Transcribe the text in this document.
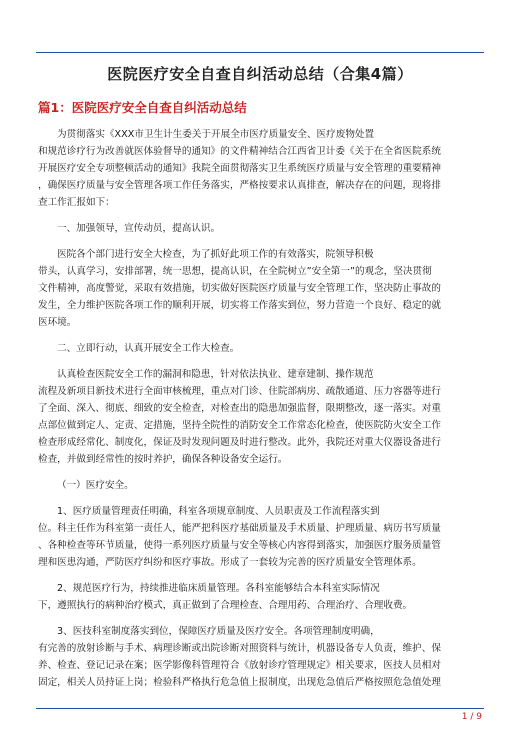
医院医疗安全自查自纠活动总结（合集4篇）
篇1：医院医疗安全自查自纠活动总结
为贯彻落实《XXX市卫生计生委关于开展全市医疗质量安全、医疗废物处置
和规范诊疗行为改善就医体验督导的通知》的文件精神结合江西省卫计委《关于在全省医院系统
开展医疗安全专项整顿活动的通知》我院全面贯彻落实卫生系统医疗质量与安全管理的重要精神
，确保医疗质量与安全管理各项工作任务落实，严格按要求认真排查，解决存在的问题，现将排
查工作汇报如下：
一、加强领导，宣传动员，提高认识。
医院各个部门进行安全大检查，为了抓好此项工作的有效落实，院领导积极
带头，认真学习，安排部署，统一思想，提高认识，在全院树立”安全第一”的观念，坚决贯彻
文件精神，高度警觉，采取有效措施，切实做好医院医疗质量与安全管理工作，坚决防止事故的
发生，全力维护医院各项工作的顺利开展，切实将工作落实到位，努力营造一个良好、稳定的就
医环境。
二、立即行动，认真开展安全工作大检查。
认真检查医院安全工作的漏洞和隐患，针对依法执业、建章建制、操作规范
流程及新项目新技术进行全面审核梳理，重点对门诊、住院部病房、疏散通道、压力容器等进行
了全面、深入、彻底、细致的安全检查，对检查出的隐患加强监督，限期整改，逐一落实。对重
点部位做到定人、定责、定措施，坚持全院性的消防安全工作常态化检查，使医院防火安全工作
检查形成经常化、制度化，保证及时发现问题及时进行整改。此外，我院还对重大仪器设备进行
检查，并做到经常性的按时养护，确保各种设备安全运行。
（一）医疗安全。
1、医疗质量管理责任明确，科室各项规章制度、人员职责及工作流程落实到
位。科主任作为科室第一责任人，能严把科医疗基础质量及手术质量、护理质量、病历书写质量
、各种检查等环节质量，使得一系列医疗质量与安全等核心内容得到落实，加强医疗服务质量管
理和医患沟通，严防医疗纠纷和医疗事故。形成了一套较为完善的医疗质量安全管理体系。
2、规范医疗行为，持续推进临床质量管理。各科室能够结合本科室实际情况
下，遵照执行的病种治疗模式，真正做到了合理检查、合理用药、合理治疗、合理收费。
3、医技科室制度落实到位，保障医疗质量及医疗安全。各项管理制度明确，
有完善的放射诊断与手术、病理诊断或出院诊断对照资料与统计，机器设备专人负责，维护、保
养、检查、登记记录在案；医学影像科管理符合《放射诊疗管理规定》相关要求，医技人员相对
固定，相关人员持证上岗；检验科严格执行危急值上报制度，出现危急值后严格按照危急值处理
1 / 9
